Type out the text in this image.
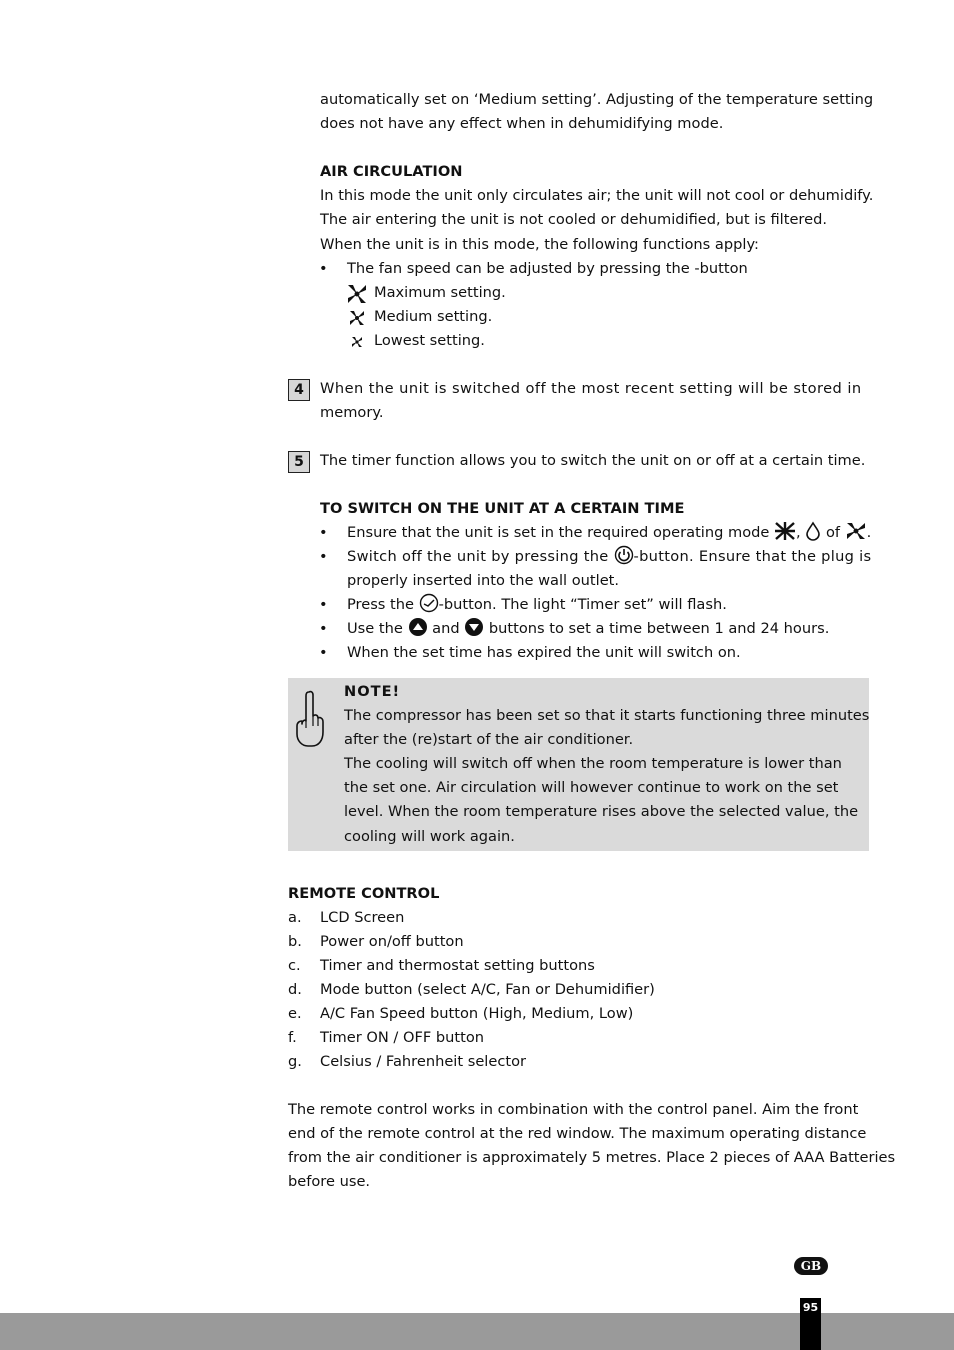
automatically set on ‘Medium setting’. Adjusting of the temperature setting

does not have any effect when in dehumidifying mode.

AIR CIRCULATION

In this mode the unit only circulates air; the unit will not cool or dehumidify.

The air entering the unit is not cooled or dehumidified, but is filtered.

When the unit is in this mode, the following functions apply:

• The fan speed can be adjusted by pressing the -button
Maximum setting.
Medium setting.
Lowest setting.
4	When the unit is switched off the most recent setting will be stored in

memory.

5	The timer function allows you to switch the unit on or off at a certain time.

TO SWITCH ON THE UNIT AT A CERTAIN TIME

• Ensure that the unit is set in the required operating mode , of .
• Switch off the unit by pressing the -button. Ensure that the plug is
properly inserted into the wall outlet.
• Press the -button. The light “Timer set” will flash.
• Use the and buttons to set a time between 1 and 24 hours.
• When the set time has expired the unit will switch on.

NOTE!

The compressor has been set so that it starts functioning three minutes

after the (re)start of the air conditioner.

The cooling will switch off when the room temperature is lower than

the set one. Air circulation will however continue to work on the set

level. When the room temperature rises above the selected value, the

cooling will work again.

REMOTE CONTROL

a. LCD Screen
b. Power on/off button
c. Timer and thermostat setting buttons
d. Mode button (select A/C, Fan or Dehumidifier)
e. A/C Fan Speed button (High, Medium, Low)
f. Timer ON / OFF button
g. Celsius / Fahrenheit selector

The remote control works in combination with the control panel. Aim the front

end of the remote control at the red window. The maximum operating distance

from the air conditioner is approximately 5 metres. Place 2 pieces of AAA Batteries

before use.

GB
95
